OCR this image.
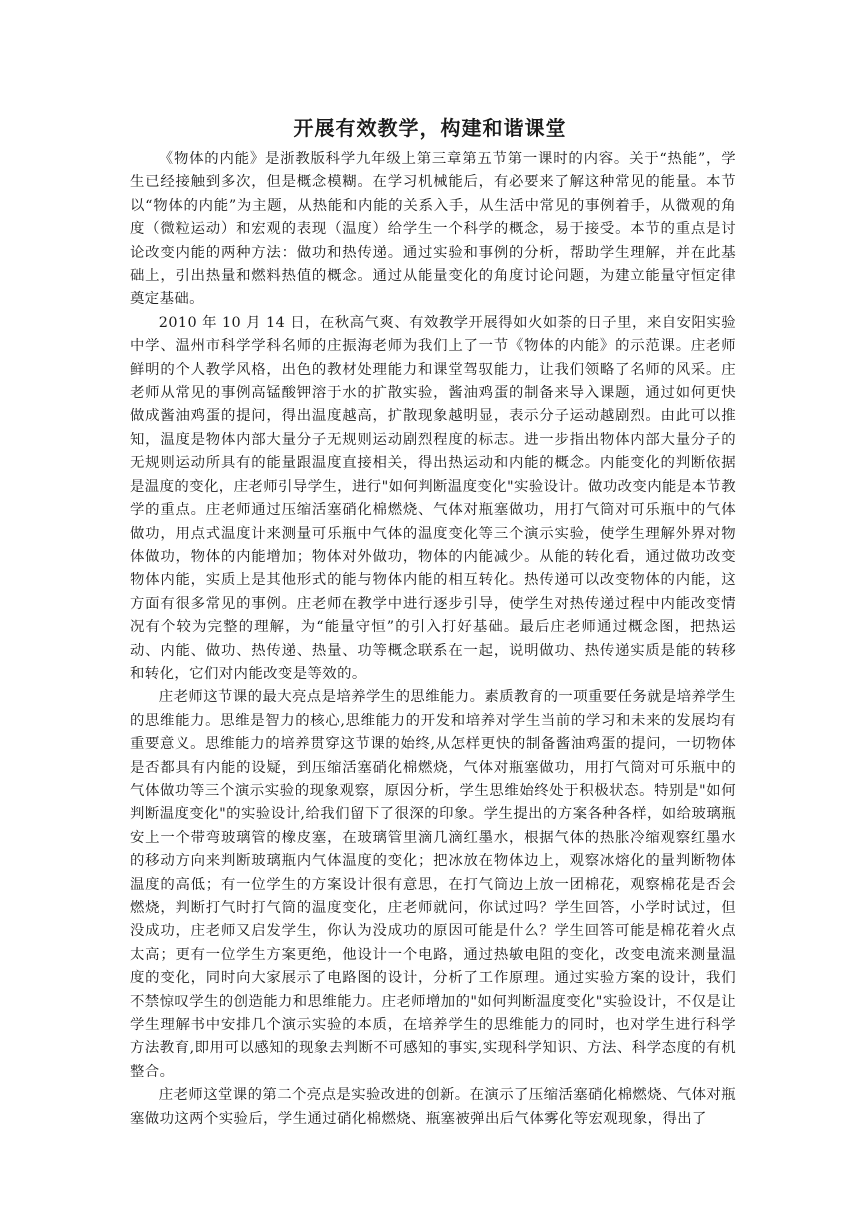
开展有效教学，构建和谐课堂

《物体的内能》是浙教版科学九年级上第三章第五节第一课时的内容。关于“热能”，学生已经接触到多次，但是概念模糊。在学习机械能后，有必要来了解这种常见的能量。本节以“物体的内能”为主题，从热能和内能的关系入手，从生活中常见的事例着手，从微观的角度（微粒运动）和宏观的表现（温度）给学生一个科学的概念，易于接受。本节的重点是讨论改变内能的两种方法：做功和热传递。通过实验和事例的分析，帮助学生理解，并在此基础上，引出热量和燃料热值的概念。通过从能量变化的角度讨论问题，为建立能量守恒定律奠定基础。

2010 年 10 月 14 日，在秋高气爽、有效教学开展得如火如荼的日子里，来自安阳实验中学、温州市科学学科名师的庄振海老师为我们上了一节《物体的内能》的示范课。庄老师鲜明的个人教学风格，出色的教材处理能力和课堂驾驭能力，让我们领略了名师的风采。庄老师从常见的事例高锰酸钾溶于水的扩散实验，酱油鸡蛋的制备来导入课题，通过如何更快做成酱油鸡蛋的提问，得出温度越高，扩散现象越明显，表示分子运动越剧烈。由此可以推知，温度是物体内部大量分子无规则运动剧烈程度的标志。进一步指出物体内部大量分子的无规则运动所具有的能量跟温度直接相关，得出热运动和内能的概念。内能变化的判断依据是温度的变化，庄老师引导学生，进行"如何判断温度变化"实验设计。做功改变内能是本节教学的重点。庄老师通过压缩活塞硝化棉燃烧、气体对瓶塞做功，用打气筒对可乐瓶中的气体做功，用点式温度计来测量可乐瓶中气体的温度变化等三个演示实验，使学生理解外界对物体做功，物体的内能增加；物体对外做功，物体的内能减少。从能的转化看，通过做功改变物体内能，实质上是其他形式的能与物体内能的相互转化。热传递可以改变物体的内能，这方面有很多常见的事例。庄老师在教学中进行逐步引导，使学生对热传递过程中内能改变情况有个较为完整的理解，为“能量守恒”的引入打好基础。最后庄老师通过概念图，把热运动、内能、做功、热传递、热量、功等概念联系在一起，说明做功、热传递实质是能的转移和转化，它们对内能改变是等效的。

庄老师这节课的最大亮点是培养学生的思维能力。素质教育的一项重要任务就是培养学生的思维能力。思维是智力的核心,思维能力的开发和培养对学生当前的学习和未来的发展均有重要意义。思维能力的培养贯穿这节课的始终,从怎样更快的制备酱油鸡蛋的提问，一切物体是否都具有内能的设疑，到压缩活塞硝化棉燃烧，气体对瓶塞做功，用打气筒对可乐瓶中的气体做功等三个演示实验的现象观察，原因分析，学生思维始终处于积极状态。特别是"如何判断温度变化"的实验设计,给我们留下了很深的印象。学生提出的方案各种各样，如给玻璃瓶安上一个带弯玻璃管的橡皮塞，在玻璃管里滴几滴红墨水，根据气体的热胀冷缩观察红墨水的移动方向来判断玻璃瓶内气体温度的变化；把冰放在物体边上，观察冰熔化的量判断物体温度的高低；有一位学生的方案设计很有意思，在打气筒边上放一团棉花，观察棉花是否会燃烧，判断打气时打气筒的温度变化，庄老师就问，你试过吗？学生回答，小学时试过，但没成功，庄老师又启发学生，你认为没成功的原因可能是什么？学生回答可能是棉花着火点太高；更有一位学生方案更绝，他设计一个电路，通过热敏电阻的变化，改变电流来测量温度的变化，同时向大家展示了电路图的设计，分析了工作原理。通过实验方案的设计，我们不禁惊叹学生的创造能力和思维能力。庄老师增加的"如何判断温度变化"实验设计，不仅是让学生理解书中安排几个演示实验的本质，在培养学生的思维能力的同时，也对学生进行科学方法教育,即用可以感知的现象去判断不可感知的事实,实现科学知识、方法、科学态度的有机整合。

庄老师这堂课的第二个亮点是实验改进的创新。在演示了压缩活塞硝化棉燃烧、气体对瓶塞做功这两个实验后，学生通过硝化棉燃烧、瓶塞被弹出后气体雾化等宏观现象，得出了
